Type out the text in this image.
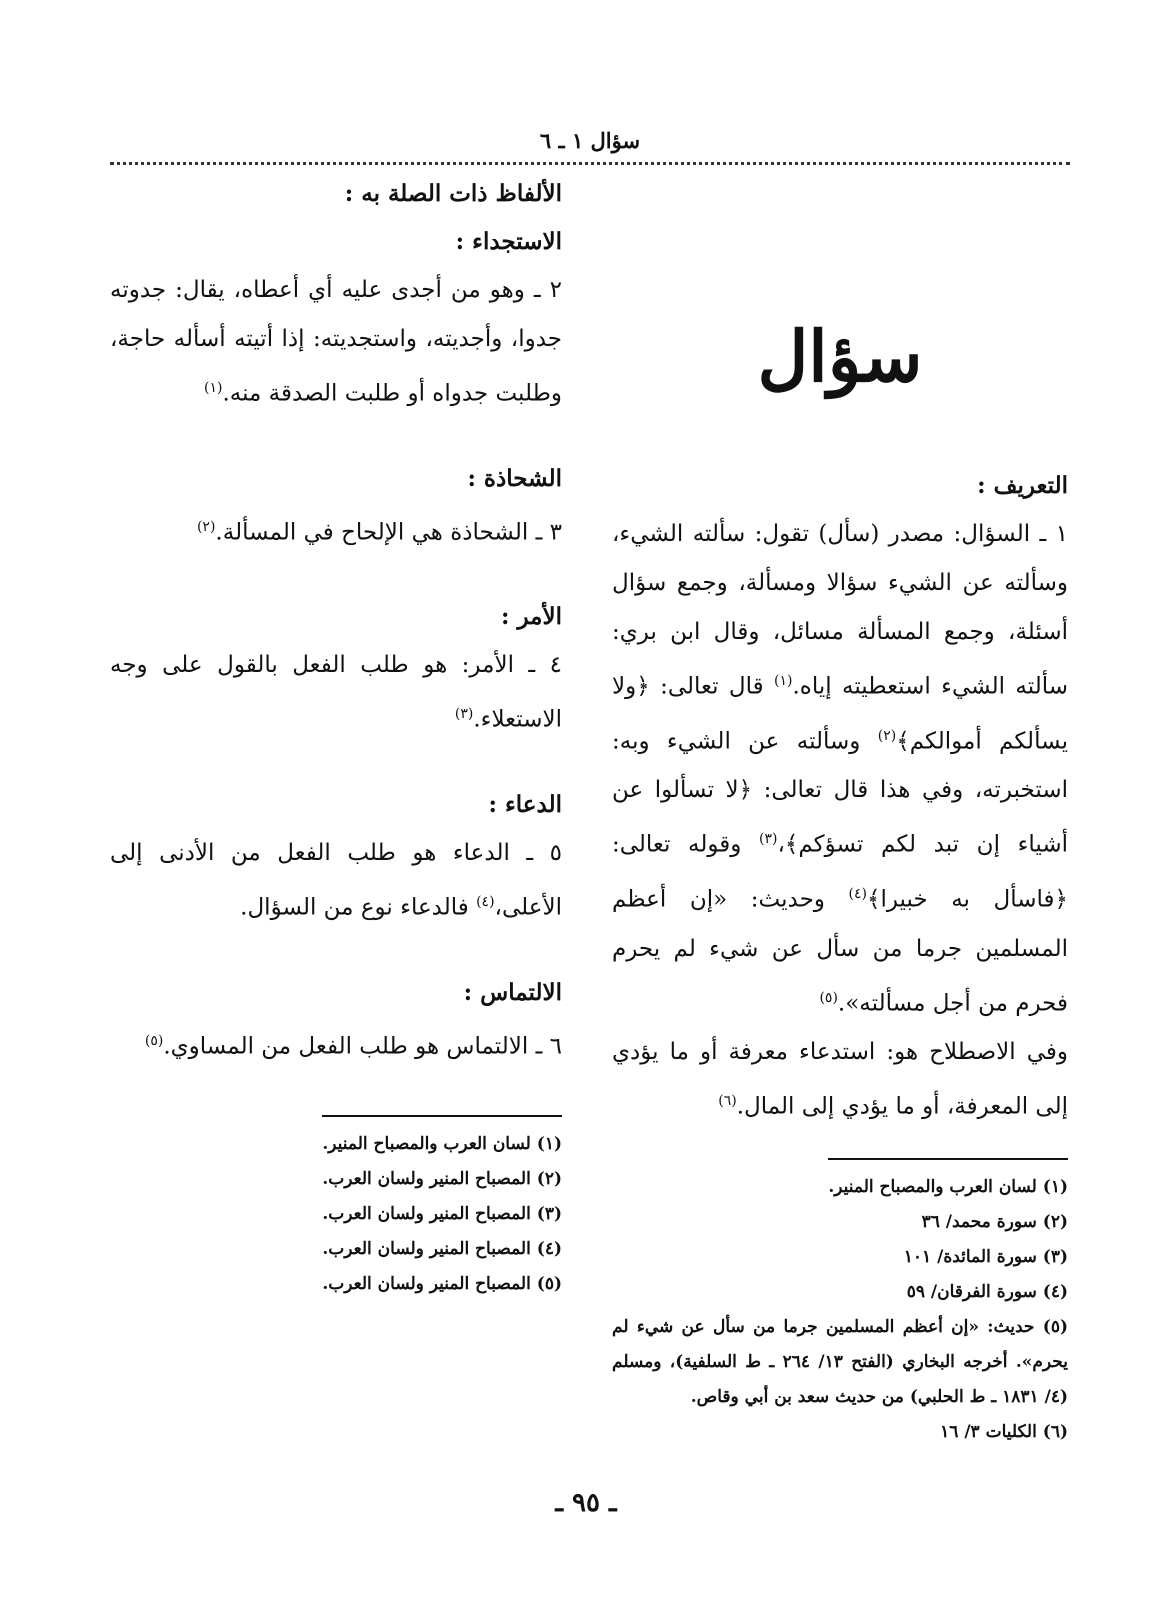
سؤال ١ ـ ٦
سؤال

التعريف :

١ ـ السؤال: مصدر (سأل) تقول: سألته الشيء، وسألته عن الشيء سؤالا ومسألة، وجمع سؤال أسئلة، وجمع المسألة مسائل، وقال ابن بري: سألته الشيء استعطيته إياه.$^{(١)}$ قال تعالى: ﴿ولا يسألكم أموالكم﴾$^{(٢)}$ وسألته عن الشيء وبه: استخبرته، وفي هذا قال تعالى: ﴿لا تسألوا عن أشياء إن تبد لكم تسؤكم﴾،$^{(٣)}$ وقوله تعالى: ﴿فاسأل به خبيرا﴾$^{(٤)}$ وحديث: «إن أعظم المسلمين جرما من سأل عن شيء لم يحرم فحرم من أجل مسألته».$^{(٥)}$

وفي الاصطلاح هو: استدعاء معرفة أو ما يؤدي إلى المعرفة، أو ما يؤدي إلى المال.$^{(٦)}$

(١) لسان العرب والمصباح المنير.

(٢) سورة محمد/ ٣٦

(٣) سورة المائدة/ ١٠١

(٤) سورة الفرقان/ ٥٩

(٥) حديث: «إن أعظم المسلمين جرما من سأل عن شيء لم يحرم». أخرجه البخاري (الفتح ١٣/ ٢٦٤ ـ ط السلفية)، ومسلم (٤/ ١٨٣١ ـ ط الحلبي) من حديث سعد بن أبي وقاص.

(٦) الكليات ٣/ ١٦

الألفاظ ذات الصلة به :

الاستجداء :

٢ ـ وهو من أجدى عليه أي أعطاه، يقال: جدوته جدوا، وأجديته، واستجديته: إذا أتيته أسأله حاجة، وطلبت جدواه أو طلبت الصدقة منه.$^{(١)}$

الشحاذة :

٣ ـ الشحاذة هي الإلحاح في المسألة.$^{(٢)}$

الأمر :

٤ ـ الأمر: هو طلب الفعل بالقول على وجه الاستعلاء.$^{(٣)}$

الدعاء :

٥ ـ الدعاء هو طلب الفعل من الأدنى إلى الأعلى،$^{(٤)}$ فالدعاء نوع من السؤال.

الالتماس :

٦ ـ الالتماس هو طلب الفعل من المساوي.$^{(٥)}$

(١) لسان العرب والمصباح المنير.

(٢) المصباح المنير ولسان العرب.

(٣) المصباح المنير ولسان العرب.

(٤) المصباح المنير ولسان العرب.

(٥) المصباح المنير ولسان العرب.

ـ ٩٥ ـ
